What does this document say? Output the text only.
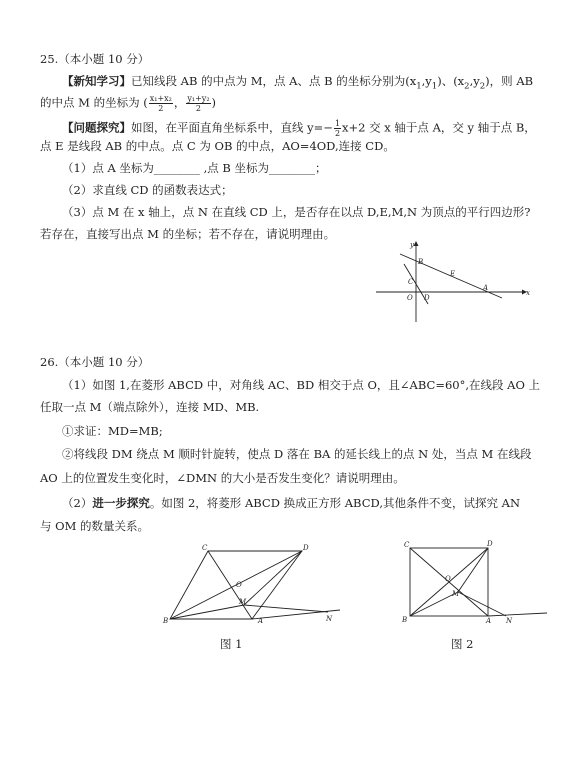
25.（本小题 10 分）
【新知学习】已知线段 AB 的中点为 M，点 A、点 B 的坐标分别为$(x_1,y_1)$、$(x_2,y_2)$，则 AB
的中点 M 的坐标为 ( $\frac{\text{x₁+x₂}}{2}$ ， $\frac{\text{y₁+y₂}}{2}$ )
【问题探究】如图，在平面直角坐标系中，直线 $y=- \frac{1}{2} x+2$ 交 x 轴于点 A，交 y 轴于点 B，
点 E 是线段 AB 的中点。点 C 为 OB 的中点，AO=4OD,连接 CD。
（1）点 A 坐标为________ ,点 B 坐标为________；
（2）求直线 CD 的函数表达式；
（3）点 M 在 x 轴上，点 N 在直线 CD 上，是否存在以点 D,E,M,N 为顶点的平行四边形?
若存在，直接写出点 M 的坐标；若不存在，请说明理由。
y
x
B
E
C
A
O D
26.（本小题 10 分）
（1）如图 1,在菱形 ABCD 中，对角线 AC、BD 相交于点 O，且∠ABC=60°,在线段 AO 上
任取一点 M（端点除外），连接 MD、MB.
①求证：MD=MB;
②将线段 DM 绕点 M 顺时针旋转，使点 D 落在 BA 的延长线上的点 N 处，当点 M 在线段
AO 上的位置发生变化时，∠DMN 的大小是否发生变化？请说明理由。
（2）进一步探究。如图 2，将菱形 ABCD 换成正方形 ABCD,其他条件不变，试探究 AN
与 OM 的数量关系。
C	D
O
M
B	A	N
C	D
O
M
B	A N
图 1	图 2
